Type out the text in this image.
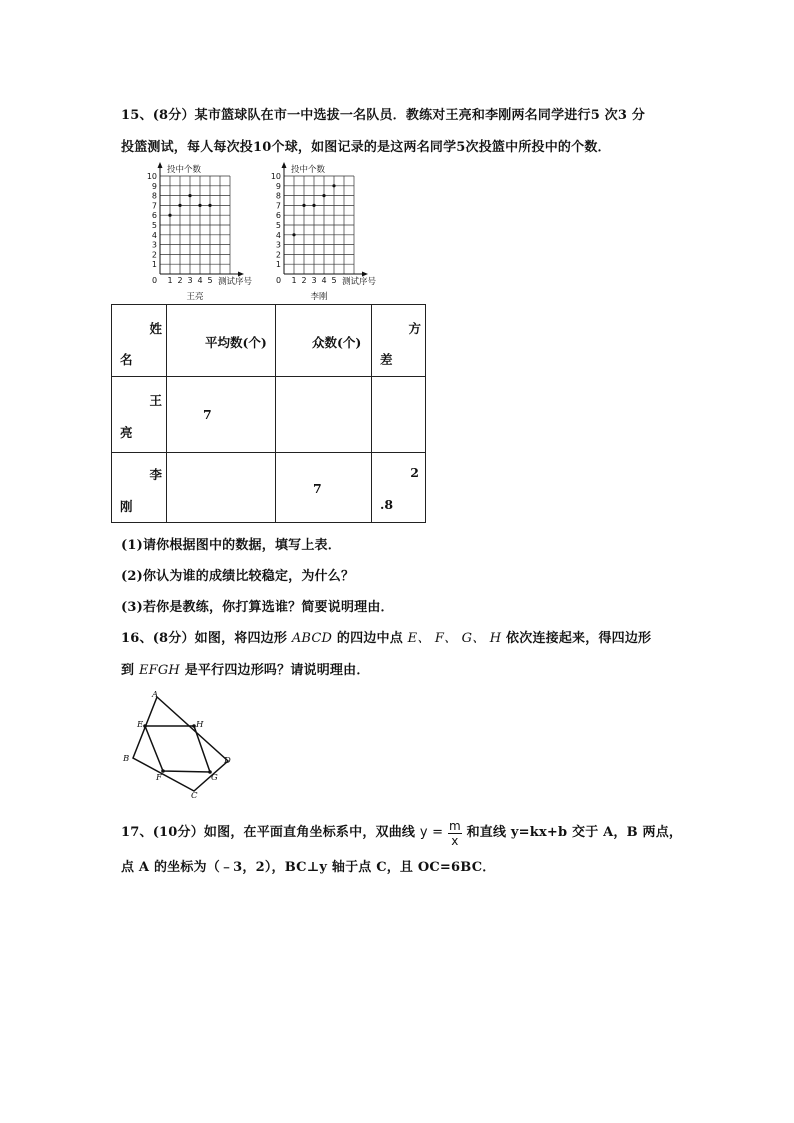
15、(8分）某市篮球队在市一中选拔一名队员．教练对王亮和李刚两名同学进行5 次3 分
投篮测试，每人每次投10个球，如图记录的是这两名同学5次投篮中所投中的个数．
投中个数
1
2
3
4
5
6
7
8
9
10
0 1 2 3 4 5 测试序号
王亮
投中个数
1
2
3
4
5
6
7
8
9
10
0 1 2 3 4 5 测试序号
李刚
姓
名	平均数(个)	众数(个)	方
差

王
亮	7		

李
刚		7	2
.8
(1)请你根据图中的数据，填写上表．
(2)你认为谁的成绩比较稳定，为什么？
(3)若你是教练，你打算选谁？简要说明理由．
16、(8分）如图，将四边形 ABCD 的四边中点 E、 F、 G、 H 依次连接起来，得四边形
到 EFGH 是平行四边形吗？请说明理由．
A
B
C
D
E
F	G
H
17、(10分）如图，在平面直角坐标系中，双曲线 $y = \frac{m}{x}$ 和直线 y=kx+b 交于 A，B 两点，
点 A 的坐标为（﹣3，2），BC⊥y 轴于点 C，且 OC=6BC．
